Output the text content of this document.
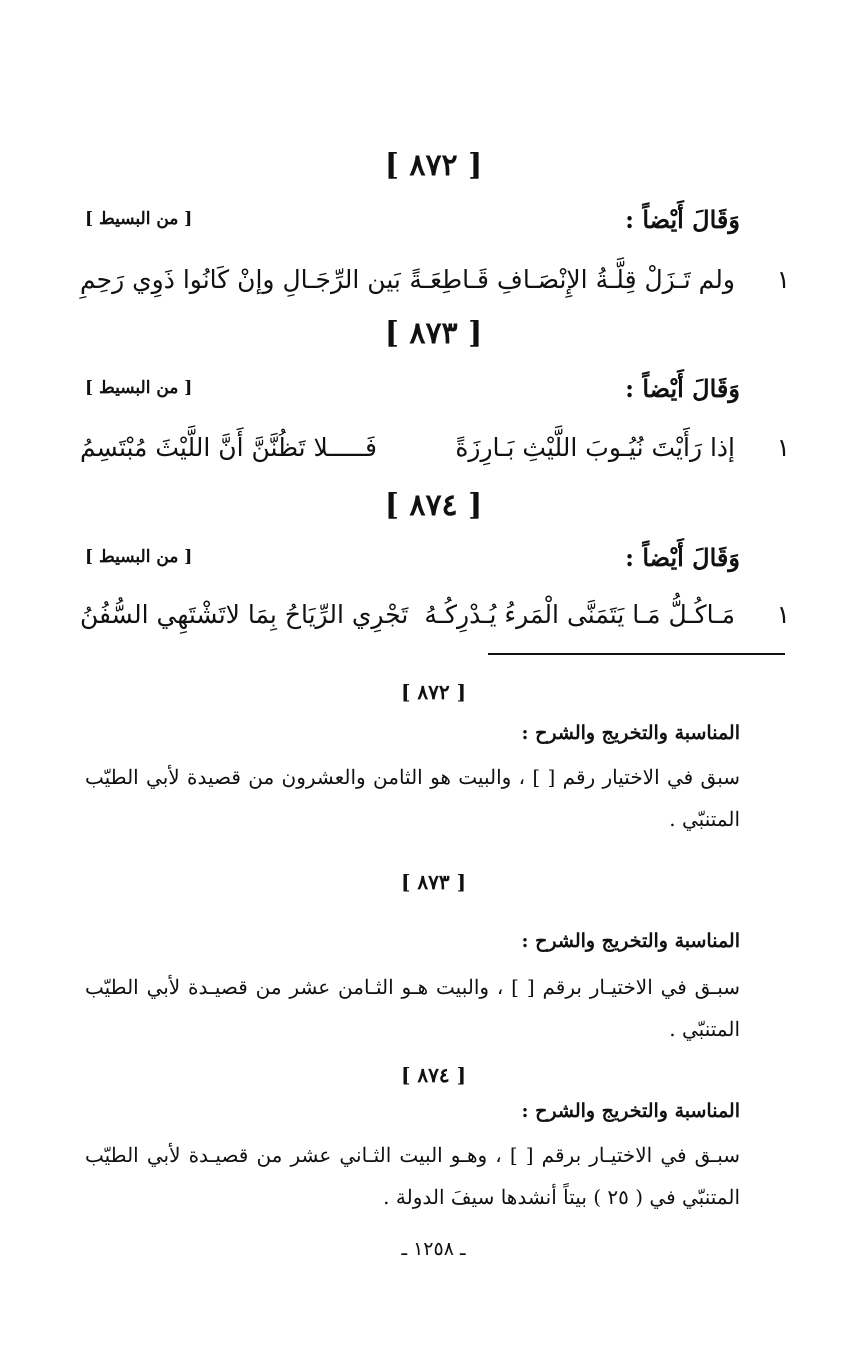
[ ٨٧٢ ]
وَقَالَ أَيْضاً :
[ من البسيط ]
١
ولم تَـزَلْ قِلَّـةُ الإِنْصَـافِ قَـاطِعَـةً
بَين الرِّجَـالِ وإنْ كَانُوا ذَوِي رَحِمِ
[ ٨٧٣ ]
وَقَالَ أَيْضاً :
[ من البسيط ]
١
إذا رَأَيْتَ نُيُـوبَ اللَّيْثِ بَـارِزَةً
فَـــــلا تَظُنَّنَّ أَنَّ اللَّيْثَ مُبْتَسِمُ
[ ٨٧٤ ]
وَقَالَ أَيْضاً :
[ من البسيط ]
١
مَـاكُـلُّ مَـا يَتَمَنَّى الْمَرءُ يُـدْرِكُـهُ
تَجْرِي الرِّيَاحُ بِمَا لاتَشْتَهِي السُّفُنُ
[ ٨٧٢ ]
المناسبة والتخريج والشرح :
سبق في الاختيار رقم [ ] ، والبيت هو الثامن والعشرون من قصيدة لأبي الطيّب المتنبّي .
[ ٨٧٣ ]
المناسبة والتخريج والشرح :
سبـق في الاختيـار برقم [ ] ، والبيت هـو الثـامن عشر من قصيـدة لأبي الطيّب المتنبّي .
[ ٨٧٤ ]
المناسبة والتخريج والشرح :
سبـق في الاختيـار برقم [ ] ، وهـو البيت الثـاني عشر من قصيـدة لأبي الطيّب المتنبّي في ( ٢٥ ) بيتاً أنشدها سيفَ الدولة .
ـ ١٢٥٨ ـ
